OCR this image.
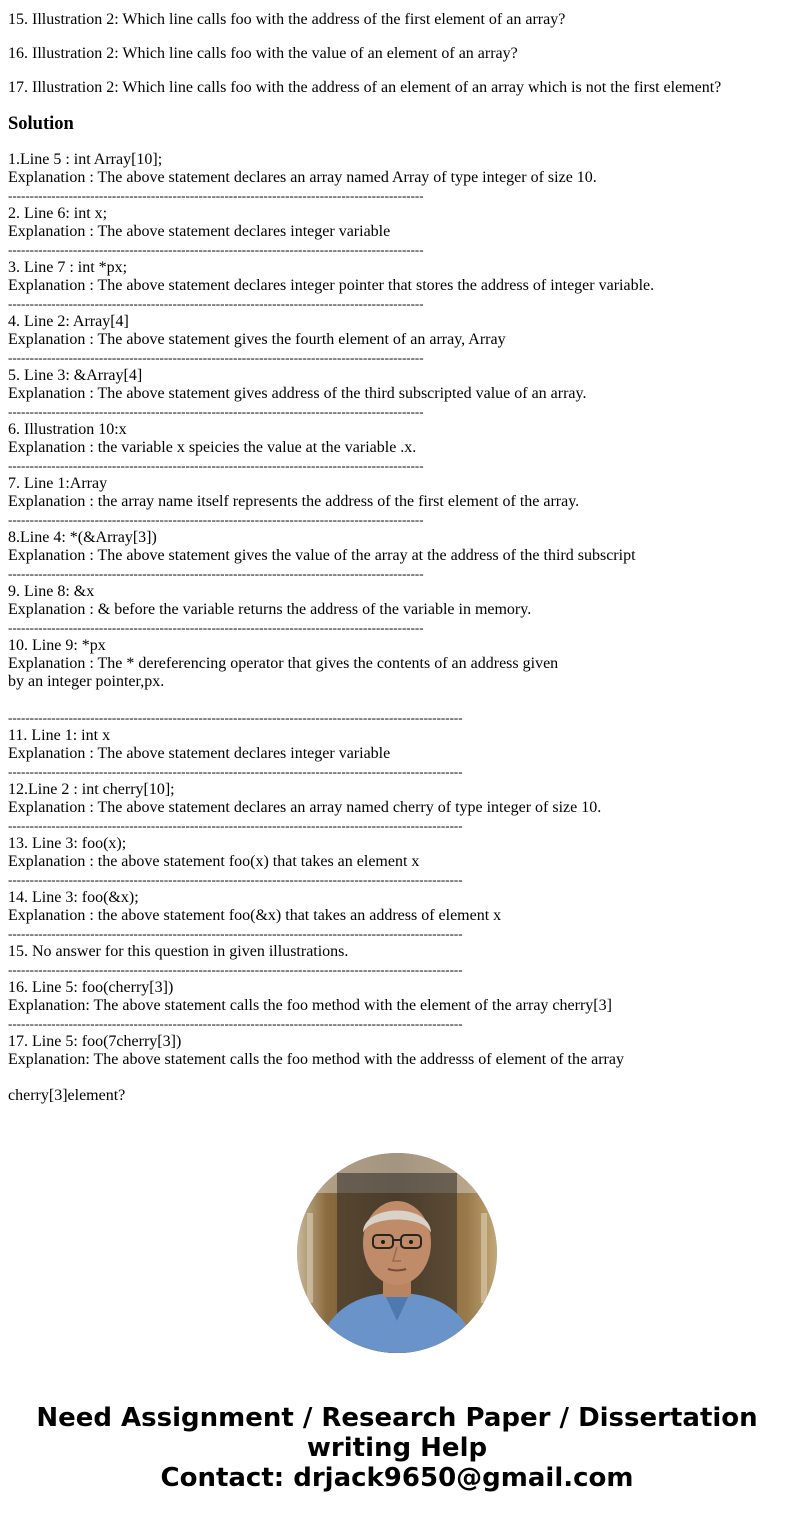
15. Illustration 2: Which line calls foo with the address of the first element of an array?
16. Illustration 2: Which line calls foo with the value of an element of an array?
17. Illustration 2: Which line calls foo with the address of an element of an array which is not the first element?
Solution
1.Line 5 : int Array[10];
Explanation : The above statement declares an array named Array of type integer of size 10.
------------------------------------------------------------------------------------------------
2. Line 6: int x;
Explanation : The above statement declares integer variable
------------------------------------------------------------------------------------------------
3. Line 7 : int *px;
Explanation : The above statement declares integer pointer that stores the address of integer variable.
------------------------------------------------------------------------------------------------
4. Line 2: Array[4]
Explanation : The above statement gives the fourth element of an array, Array
------------------------------------------------------------------------------------------------
5. Line 3: &Array[4]
Explanation : The above statement gives address of the third subscripted value of an array.
------------------------------------------------------------------------------------------------
6. Illustration 10:x
Explanation : the variable x speicies the value at the variable .x.
------------------------------------------------------------------------------------------------
7. Line 1:Array
Explanation : the array name itself represents the address of the first element of the array.
------------------------------------------------------------------------------------------------
8.Line 4: *(&Array[3])
Explanation : The above statement gives the value of the array at the address of the third subscript
------------------------------------------------------------------------------------------------
9. Line 8: &x
Explanation : & before the variable returns the address of the variable in memory.
------------------------------------------------------------------------------------------------
10. Line 9: *px
Explanation : The * dereferencing operator that gives the contents of an address given
by an integer pointer,px.
---------------------------------------------------------------------------------------------------------
11. Line 1: int x
Explanation : The above statement declares integer variable
---------------------------------------------------------------------------------------------------------
12.Line 2 : int cherry[10];
Explanation : The above statement declares an array named cherry of type integer of size 10.
---------------------------------------------------------------------------------------------------------
13. Line 3: foo(x);
Explanation : the above statement foo(x) that takes an element x
---------------------------------------------------------------------------------------------------------
14. Line 3: foo(&x);
Explanation : the above statement foo(&x) that takes an address of element x
---------------------------------------------------------------------------------------------------------
15. No answer for this question in given illustrations.
---------------------------------------------------------------------------------------------------------
16. Line 5: foo(cherry[3])
Explanation: The above statement calls the foo method with the element of the array cherry[3]
---------------------------------------------------------------------------------------------------------
17. Line 5: foo(7cherry[3])
Explanation: The above statement calls the foo method with the addresss of element of the array
cherry[3]element?
Need Assignment / Research Paper / Dissertation
writing Help
Contact: drjack9650@gmail.com
